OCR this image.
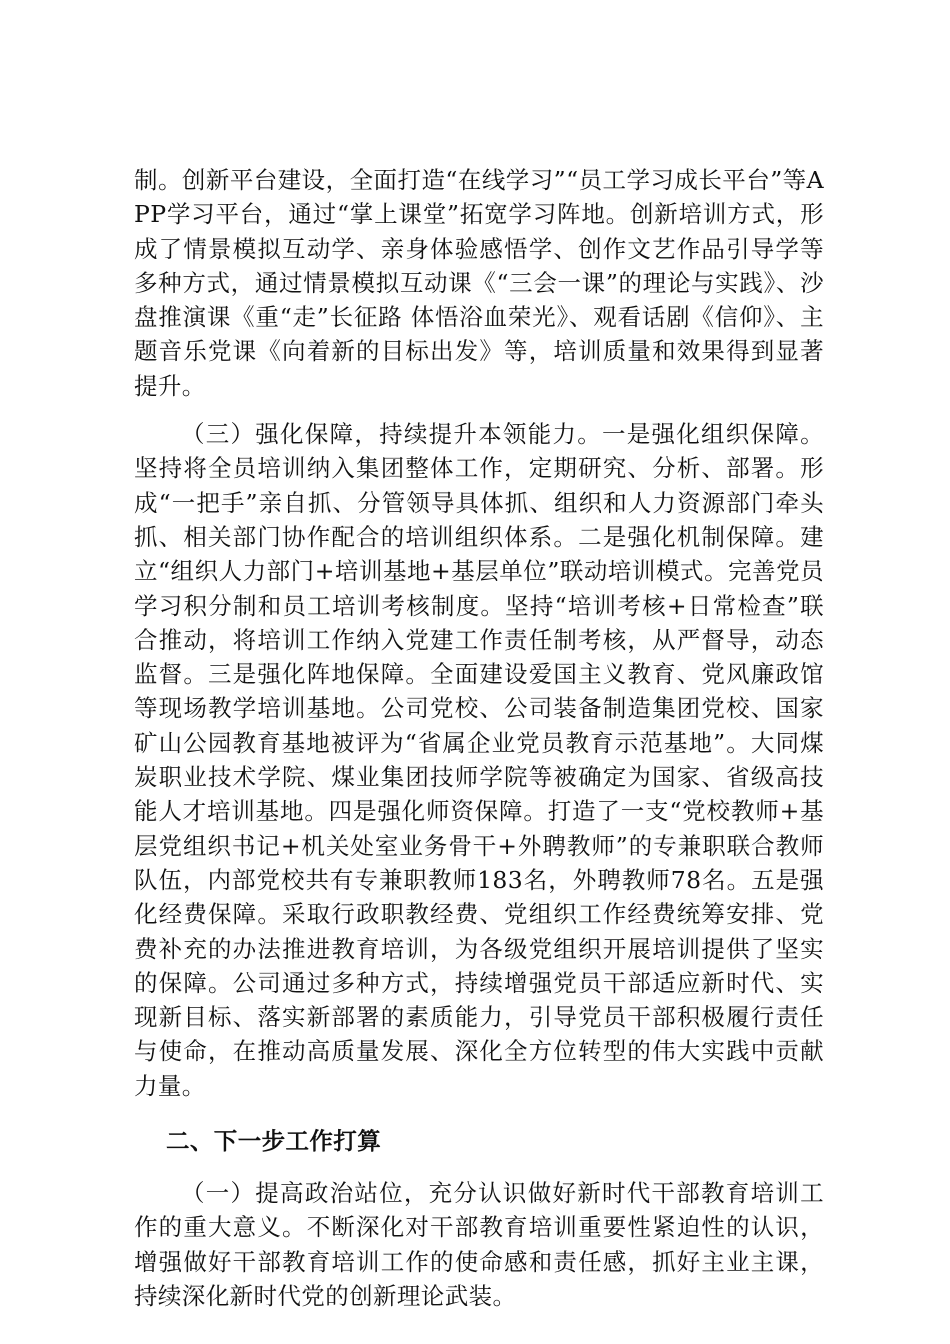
制。创新平台建设，全面打造“在线学习”“员工学习成长平台”等APP学习平台，通过“掌上课堂”拓宽学习阵地。创新培训方式，形成了情景模拟互动学、亲身体验感悟学、创作文艺作品引导学等多种方式，通过情景模拟互动课《“三会一课”的理论与实践》、沙盘推演课《重“走”长征路 体悟浴血荣光》、观看话剧《信仰》、主题音乐党课《向着新的目标出发》等，培训质量和效果得到显著提升。

（三）强化保障，持续提升本领能力。一是强化组织保障。坚持将全员培训纳入集团整体工作，定期研究、分析、部署。形成“一把手”亲自抓、分管领导具体抓、组织和人力资源部门牵头抓、相关部门协作配合的培训组织体系。二是强化机制保障。建立“组织人力部门+培训基地+基层单位”联动培训模式。完善党员学习积分制和员工培训考核制度。坚持“培训考核+日常检查”联合推动，将培训工作纳入党建工作责任制考核，从严督导，动态监督。三是强化阵地保障。全面建设爱国主义教育、党风廉政馆等现场教学培训基地。公司党校、公司装备制造集团党校、国家矿山公园教育基地被评为“省属企业党员教育示范基地”。大同煤炭职业技术学院、煤业集团技师学院等被确定为国家、省级高技能人才培训基地。四是强化师资保障。打造了一支“党校教师+基层党组织书记+机关处室业务骨干+外聘教师”的专兼职联合教师队伍，内部党校共有专兼职教师183名，外聘教师78名。五是强化经费保障。采取行政职教经费、党组织工作经费统筹安排、党费补充的办法推进教育培训，为各级党组织开展培训提供了坚实的保障。公司通过多种方式，持续增强党员干部适应新时代、实现新目标、落实新部署的素质能力，引导党员干部积极履行责任与使命，在推动高质量发展、深化全方位转型的伟大实践中贡献力量。

二、下一步工作打算

（一）提高政治站位，充分认识做好新时代干部教育培训工作的重大意义。不断深化对干部教育培训重要性紧迫性的认识，增强做好干部教育培训工作的使命感和责任感，抓好主业主课，持续深化新时代党的创新理论武装。
